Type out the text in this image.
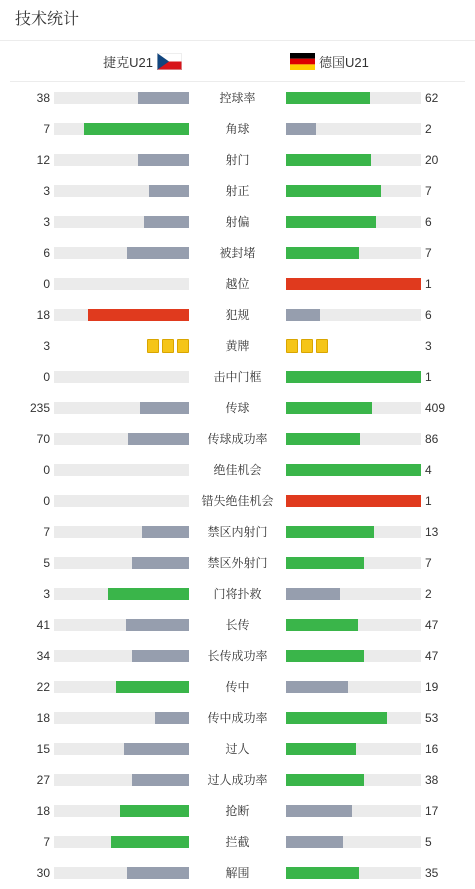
技术统计
捷克U21	德国U21
38	控球率	62
7	角球	2
12	射门	20
3	射正	7
3	射偏	6
6	被封堵	7
0	越位	1
18	犯规	6
3	黄牌	3
0	击中门框	1
235	传球	409
70	传球成功率	86
0	绝佳机会	4
0	错失绝佳机会	1
7	禁区内射门	13
5	禁区外射门	7
3	门将扑救	2
41	长传	47
34	长传成功率	47
22	传中	19
18	传中成功率	53
15	过人	16
27	过人成功率	38
18	抢断	17
7	拦截	5
30	解围	35
